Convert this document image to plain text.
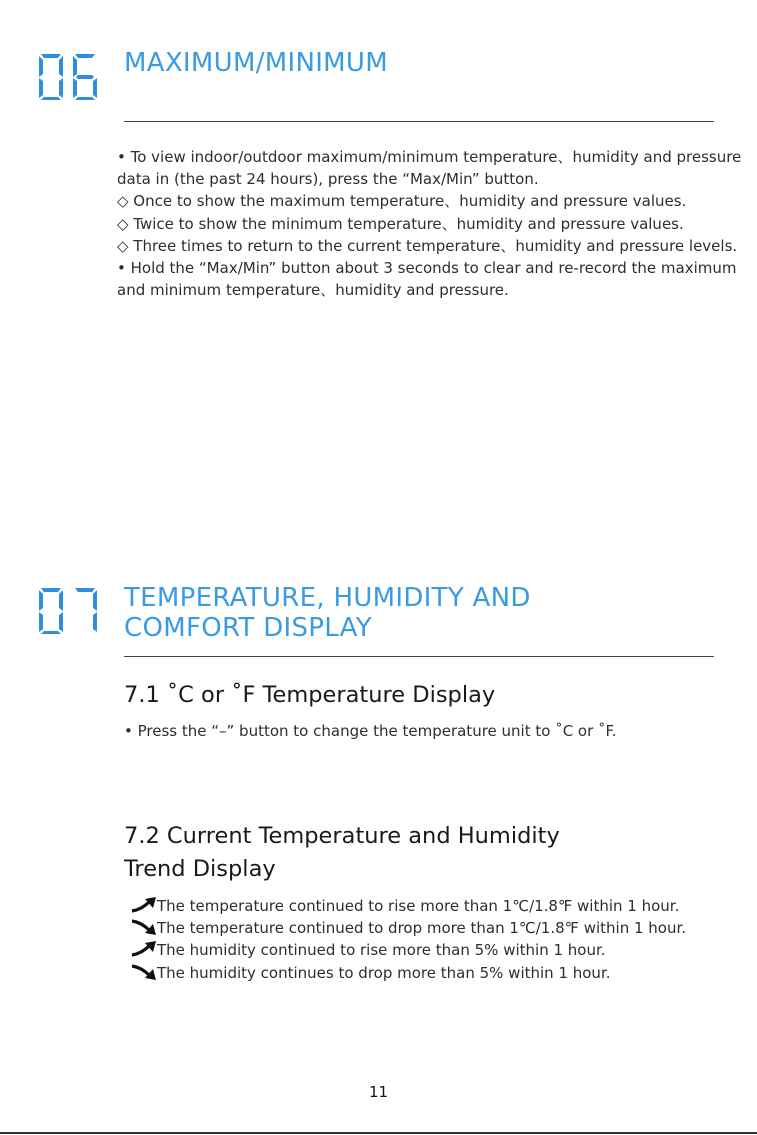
MAXIMUM/MINIMUM

• To view indoor/outdoor maximum/minimum temperature、humidity and pressure data in (the past 24 hours), press the “Max/Min” button.

◇ Once to show the maximum temperature、humidity and pressure values.

◇ Twice to show the minimum temperature、humidity and pressure values.

◇ Three times to return to the current temperature、humidity and pressure levels.

• Hold the “Max/Min” button about 3 seconds to clear and re-record the maximum and minimum temperature、humidity and pressure.

TEMPERATURE, HUMIDITY AND
COMFORT DISPLAY
7.1 ˚C or ˚F Temperature Display

• Press the “–” button to change the temperature unit to ˚C or ˚F.

7.2 Current Temperature and Humidity
Trend Display
The temperature continued to rise more than 1℃/1.8℉ within 1 hour.
The temperature continued to drop more than 1℃/1.8℉ within 1 hour.
The humidity continued to rise more than 5% within 1 hour.
The humidity continues to drop more than 5% within 1 hour.
11
